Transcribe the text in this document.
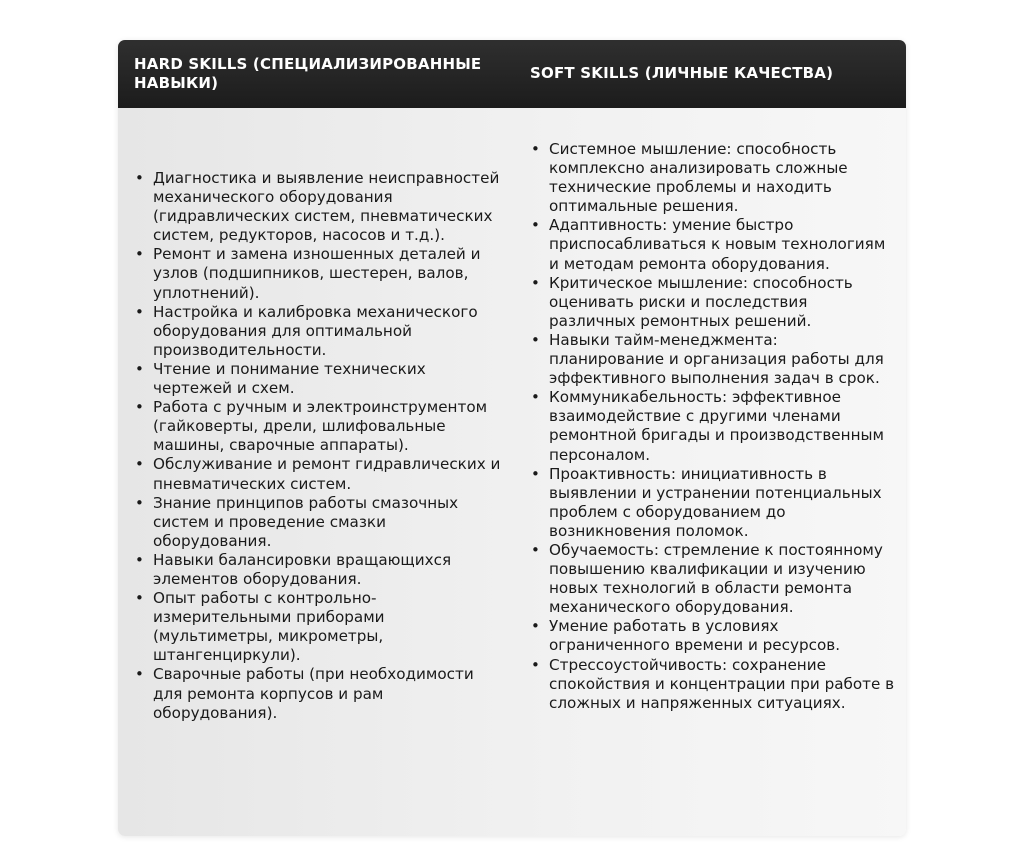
HARD SKILLS (СПЕЦИАЛИЗИРОВАННЫЕ НАВЫКИ)
SOFT SKILLS (ЛИЧНЫЕ КАЧЕСТВА)
• Диагностика и выявление неисправностей механического оборудования (гидравлических систем, пневматических систем, редукторов, насосов и т.д.).
• Ремонт и замена изношенных деталей и узлов (подшипников, шестерен, валов, уплотнений).
• Настройка и калибровка механического оборудования для оптимальной производительности.
• Чтение и понимание технических чертежей и схем.
• Работа с ручным и электроинструментом (гайковерты, дрели, шлифовальные машины, сварочные аппараты).
• Обслуживание и ремонт гидравлических и пневматических систем.
• Знание принципов работы смазочных систем и проведение смазки оборудования.
• Навыки балансировки вращающихся элементов оборудования.
• Опыт работы с контрольно-измерительными приборами (мультиметры, микрометры, штангенциркули).
• Сварочные работы (при необходимости для ремонта корпусов и рам оборудования).
• Системное мышление: способность комплексно анализировать сложные технические проблемы и находить оптимальные решения.
• Адаптивность: умение быстро приспосабливаться к новым технологиям и методам ремонта оборудования.
• Критическое мышление: способность оценивать риски и последствия различных ремонтных решений.
• Навыки тайм-менеджмента: планирование и организация работы для эффективного выполнения задач в срок.
• Коммуникабельность: эффективное взаимодействие с другими членами ремонтной бригады и производственным персоналом.
• Проактивность: инициативность в выявлении и устранении потенциальных проблем с оборудованием до возникновения поломок.
• Обучаемость: стремление к постоянному повышению квалификации и изучению новых технологий в области ремонта механического оборудования.
• Умение работать в условиях ограниченного времени и ресурсов.
• Стрессоустойчивость: сохранение спокойствия и концентрации при работе в сложных и напряженных ситуациях.
